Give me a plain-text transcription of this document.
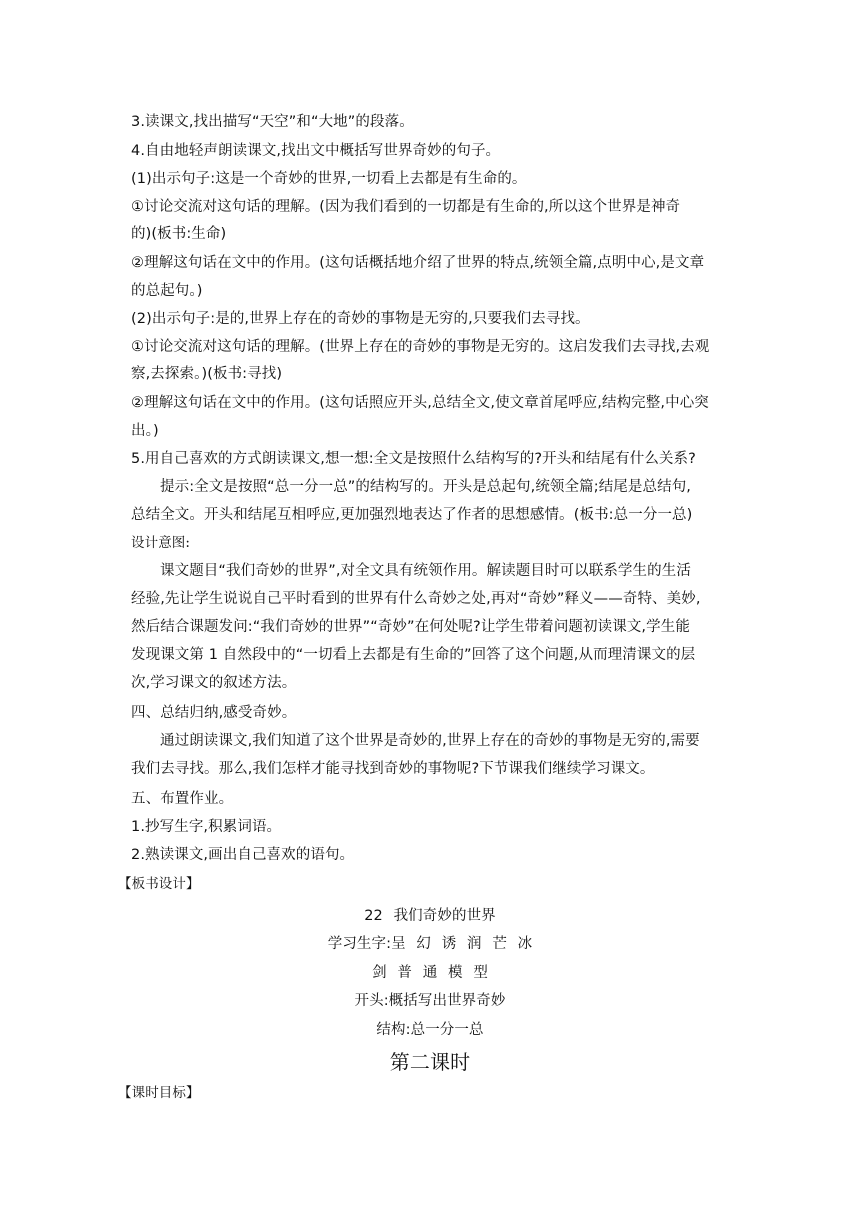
3.读课文,找出描写“天空”和“大地”的段落。
4.自由地轻声朗读课文,找出文中概括写世界奇妙的句子。
(1)出示句子:这是一个奇妙的世界,一切看上去都是有生命的。
①讨论交流对这句话的理解。(因为我们看到的一切都是有生命的,所以这个世界是神奇
的)(板书:生命)
②理解这句话在文中的作用。(这句话概括地介绍了世界的特点,统领全篇,点明中心,是文章
的总起句。)
(2)出示句子:是的,世界上存在的奇妙的事物是无穷的,只要我们去寻找。
①讨论交流对这句话的理解。(世界上存在的奇妙的事物是无穷的。这启发我们去寻找,去观
察,去探索。)(板书:寻找)
②理解这句话在文中的作用。(这句话照应开头,总结全文,使文章首尾呼应,结构完整,中心突
出。)
5.用自己喜欢的方式朗读课文,想一想:全文是按照什么结构写的?开头和结尾有什么关系?
提示:全文是按照“总一分一总”的结构写的。开头是总起句,统领全篇;结尾是总结句,
总结全文。开头和结尾互相呼应,更加强烈地表达了作者的思想感情。(板书:总一分一总)
设计意图:
课文题目“我们奇妙的世界”,对全文具有统领作用。解读题目时可以联系学生的生活
经验,先让学生说说自己平时看到的世界有什么奇妙之处,再对“奇妙”释义——奇特、美妙,
然后结合课题发问:“我们奇妙的世界”“奇妙”在何处呢?让学生带着问题初读课文,学生能
发现课文第 1 自然段中的“一切看上去都是有生命的”回答了这个问题,从而理清课文的层
次,学习课文的叙述方法。
四、总结归纳,感受奇妙。
通过朗读课文,我们知道了这个世界是奇妙的,世界上存在的奇妙的事物是无穷的,需要
我们去寻找。那么,我们怎样才能寻找到奇妙的事物呢?下节课我们继续学习课文。
五、布置作业。
1.抄写生字,积累词语。
2.熟读课文,画出自己喜欢的语句。
【板书设计】
22 我们奇妙的世界
学习生字:呈 幻 诱 润 芒 冰
剑 普 通 模 型
开头:概括写出世界奇妙
结构:总一分一总
第二课时
【课时目标】
